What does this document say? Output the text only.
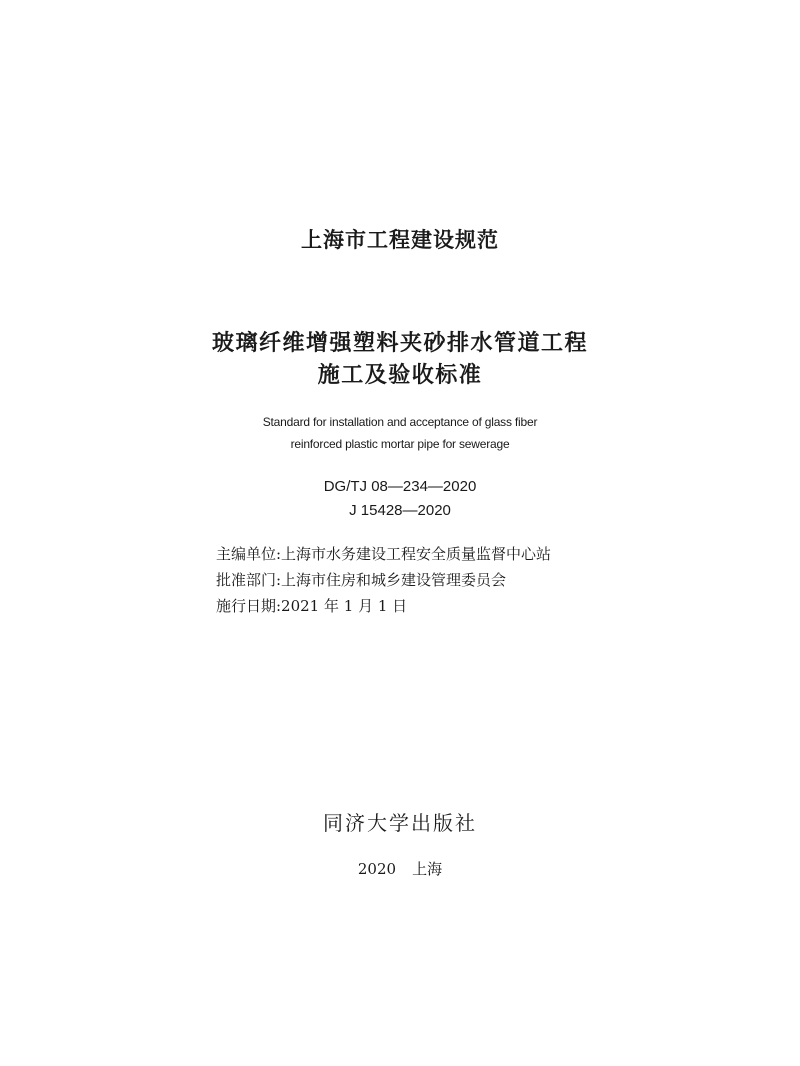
上海市工程建设规范
玻璃纤维增强塑料夹砂排水管道工程
施工及验收标准
Standard for installation and acceptance of glass fiber
reinforced plastic mortar pipe for sewerage
DG/TJ 08—234—2020
J 15428—2020
主编单位:上海市水务建设工程安全质量监督中心站
批准部门:上海市住房和城乡建设管理委员会
施行日期:2021 年 1 月 1 日
同济大学出版社
2020 上海
